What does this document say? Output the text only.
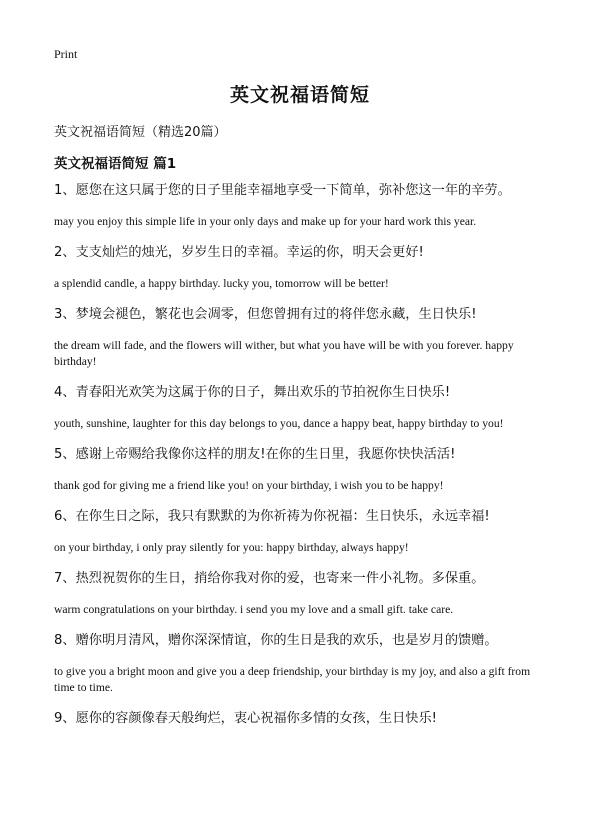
Print
英文祝福语简短
英文祝福语简短（精选20篇）
英文祝福语简短 篇1

1、愿您在这只属于您的日子里能幸福地享受一下简单，弥补您这一年的辛劳。

may you enjoy this simple life in your only days and make up for your hard work this year.

2、支支灿烂的烛光，岁岁生日的幸福。幸运的你，明天会更好!

a splendid candle, a happy birthday. lucky you, tomorrow will be better!

3、梦境会褪色，繁花也会凋零，但您曾拥有过的将伴您永藏，生日快乐!

the dream will fade, and the flowers will wither, but what you have will be with you forever. happy birthday!

4、青春阳光欢笑为这属于你的日子，舞出欢乐的节拍祝你生日快乐!

youth, sunshine, laughter for this day belongs to you, dance a happy beat, happy birthday to you!

5、感谢上帝赐给我像你这样的朋友!在你的生日里，我愿你快快活活!

thank god for giving me a friend like you! on your birthday, i wish you to be happy!

6、在你生日之际，我只有默默的为你祈祷为你祝福：生日快乐，永远幸福!

on your birthday, i only pray silently for you: happy birthday, always happy!

7、热烈祝贺你的生日，捎给你我对你的爱，也寄来一件小礼物。多保重。

warm congratulations on your birthday. i send you my love and a small gift. take care.

8、赠你明月清风，赠你深深情谊，你的生日是我的欢乐，也是岁月的馈赠。

to give you a bright moon and give you a deep friendship, your birthday is my joy, and also a gift from time to time.

9、愿你的容颜像春天般绚烂，衷心祝福你多情的女孩，生日快乐!
